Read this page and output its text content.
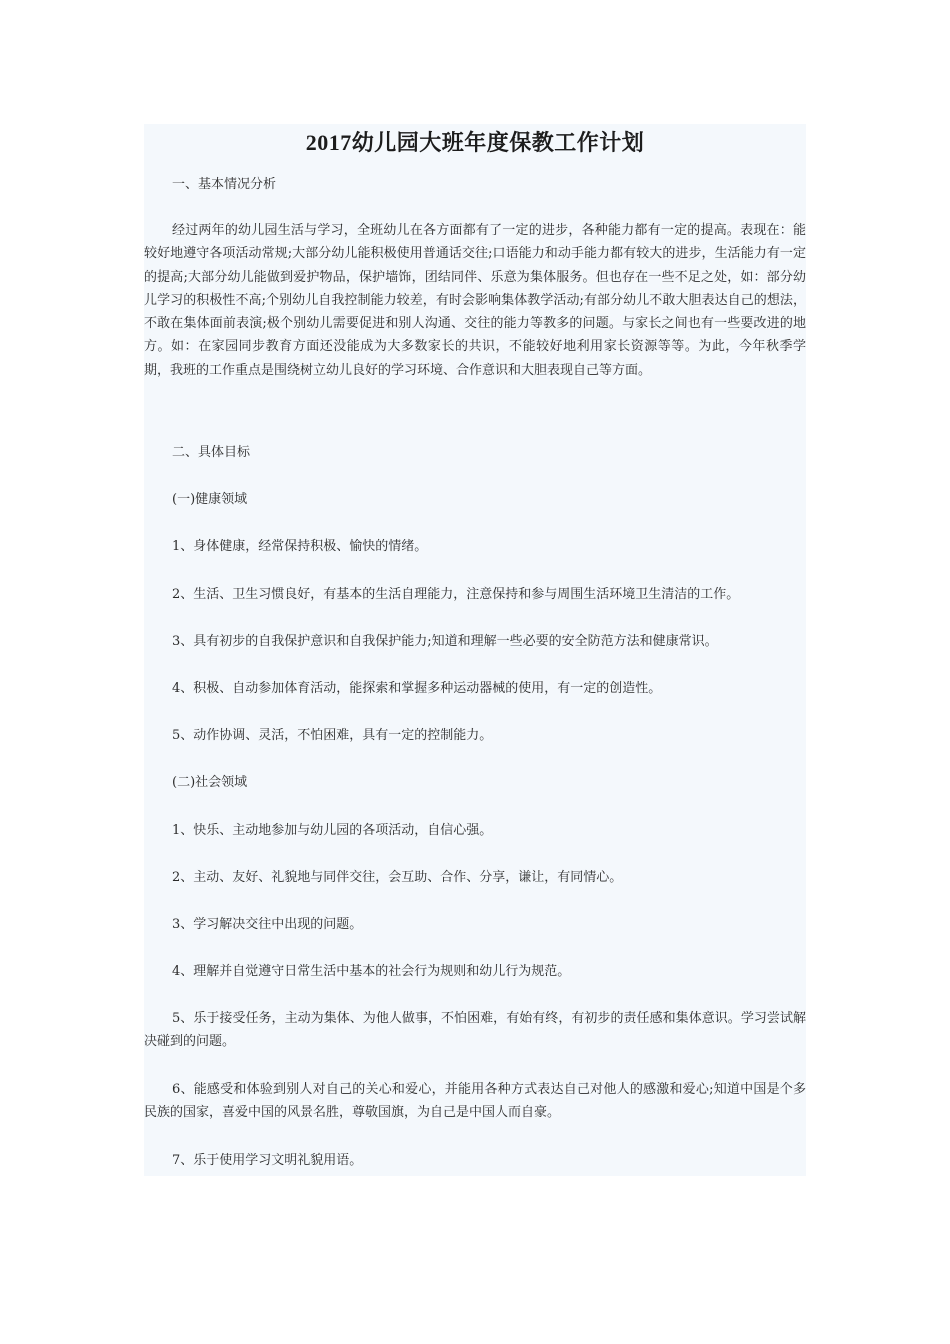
2017幼儿园大班年度保教工作计划

一、基本情况分析

经过两年的幼儿园生活与学习，全班幼儿在各方面都有了一定的进步，各种能力都有一定的提高。表现在：能较好地遵守各项活动常规;大部分幼儿能积极使用普通话交往;口语能力和动手能力都有较大的进步，生活能力有一定的提高;大部分幼儿能做到爱护物品，保护墙饰，团结同伴、乐意为集体服务。但也存在一些不足之处，如：部分幼儿学习的积极性不高;个别幼儿自我控制能力较差，有时会影响集体教学活动;有部分幼儿不敢大胆表达自己的想法，不敢在集体面前表演;极个别幼儿需要促进和别人沟通、交往的能力等教多的问题。与家长之间也有一些要改进的地方。如：在家园同步教育方面还没能成为大多数家长的共识，不能较好地利用家长资源等等。为此，今年秋季学期，我班的工作重点是围绕树立幼儿良好的学习环境、合作意识和大胆表现自己等方面。

二、具体目标

(一)健康领域

1、身体健康，经常保持积极、愉快的情绪。

2、生活、卫生习惯良好，有基本的生活自理能力，注意保持和参与周围生活环境卫生清洁的工作。

3、具有初步的自我保护意识和自我保护能力;知道和理解一些必要的安全防范方法和健康常识。

4、积极、自动参加体育活动，能探索和掌握多种运动器械的使用，有一定的创造性。

5、动作协调、灵活，不怕困难，具有一定的控制能力。

(二)社会领域

1、快乐、主动地参加与幼儿园的各项活动，自信心强。

2、主动、友好、礼貌地与同伴交往，会互助、合作、分享，谦让，有同情心。

3、学习解决交往中出现的问题。

4、理解并自觉遵守日常生活中基本的社会行为规则和幼儿行为规范。

5、乐于接受任务，主动为集体、为他人做事，不怕困难，有始有终，有初步的责任感和集体意识。学习尝试解决碰到的问题。

6、能感受和体验到别人对自己的关心和爱心，并能用各种方式表达自己对他人的感激和爱心;知道中国是个多民族的国家，喜爱中国的风景名胜，尊敬国旗，为自己是中国人而自豪。

7、乐于使用学习文明礼貌用语。
